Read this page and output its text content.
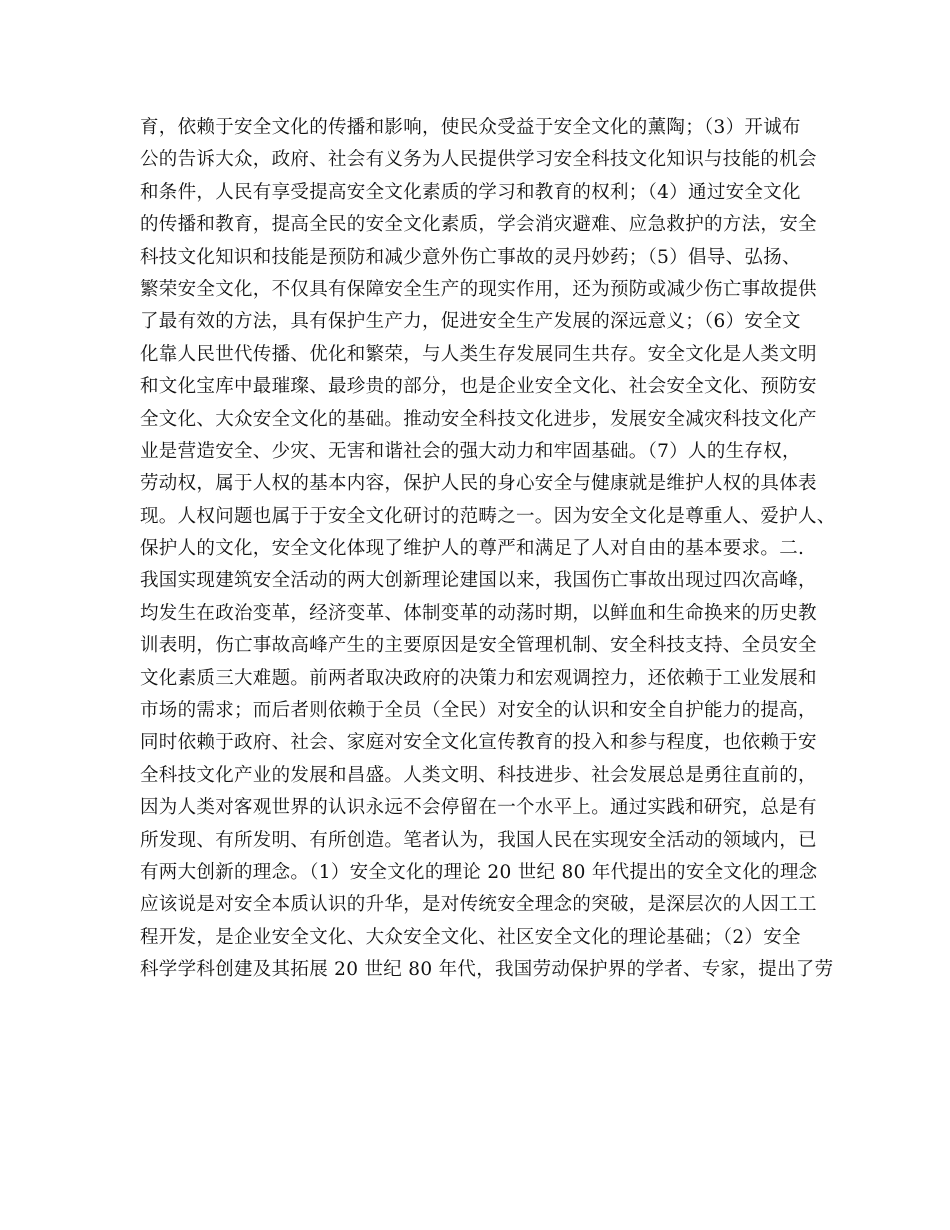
育，依赖于安全文化的传播和影响，使民众受益于安全文化的薰陶；（3）开诚布
公的告诉大众，政府、社会有义务为人民提供学习安全科技文化知识与技能的机会
和条件，人民有享受提高安全文化素质的学习和教育的权利；（4）通过安全文化
的传播和教育，提高全民的安全文化素质，学会消灾避难、应急救护的方法，安全
科技文化知识和技能是预防和减少意外伤亡事故的灵丹妙药；（5）倡导、弘扬、
繁荣安全文化，不仅具有保障安全生产的现实作用，还为预防或减少伤亡事故提供
了最有效的方法，具有保护生产力，促进安全生产发展的深远意义；（6）安全文
化靠人民世代传播、优化和繁荣，与人类生存发展同生共存。安全文化是人类文明
和文化宝库中最璀璨、最珍贵的部分，也是企业安全文化、社会安全文化、预防安
全文化、大众安全文化的基础。推动安全科技文化进步，发展安全减灾科技文化产
业是营造安全、少灾、无害和谐社会的强大动力和牢固基础。（7）人的生存权，
劳动权，属于人权的基本内容，保护人民的身心安全与健康就是维护人权的具体表
现。人权问题也属于于安全文化研讨的范畴之一。因为安全文化是尊重人、爱护人、
保护人的文化，安全文化体现了维护人的尊严和满足了人对自由的基本要求。二.
我国实现建筑安全活动的两大创新理论建国以来，我国伤亡事故出现过四次高峰，
均发生在政治变革，经济变革、体制变革的动荡时期，以鲜血和生命换来的历史教
训表明，伤亡事故高峰产生的主要原因是安全管理机制、安全科技支持、全员安全
文化素质三大难题。前两者取决政府的决策力和宏观调控力，还依赖于工业发展和
市场的需求；而后者则依赖于全员（全民）对安全的认识和安全自护能力的提高，
同时依赖于政府、社会、家庭对安全文化宣传教育的投入和参与程度，也依赖于安
全科技文化产业的发展和昌盛。人类文明、科技进步、社会发展总是勇往直前的，
因为人类对客观世界的认识永远不会停留在一个水平上。通过实践和研究，总是有
所发现、有所发明、有所创造。笔者认为，我国人民在实现安全活动的领域内，已
有两大创新的理念。（1）安全文化的理论 20 世纪 80 年代提出的安全文化的理念
应该说是对安全本质认识的升华，是对传统安全理念的突破，是深层次的人因工工
程开发，是企业安全文化、大众安全文化、社区安全文化的理论基础；（2）安全
科学学科创建及其拓展 20 世纪 80 年代，我国劳动保护界的学者、专家，提出了劳
